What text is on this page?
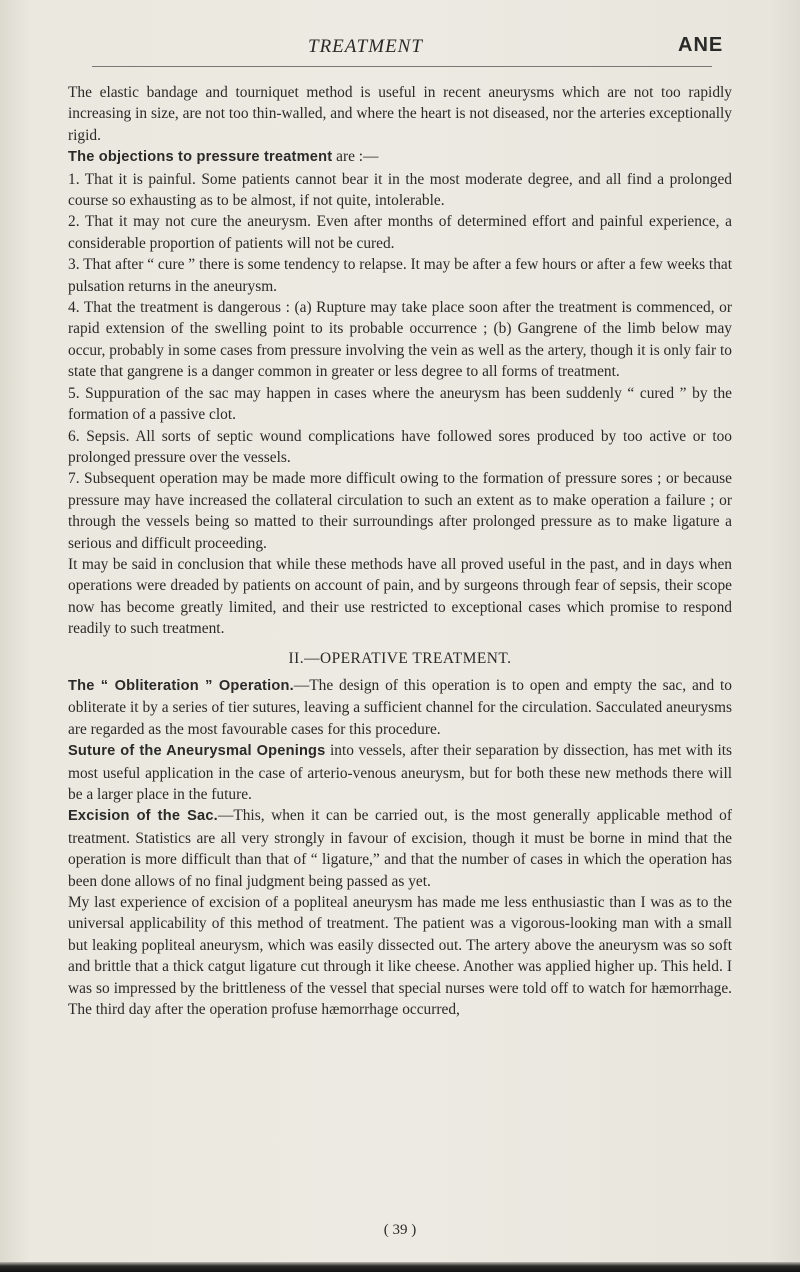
TREATMENT	ANE

The elastic bandage and tourniquet method is useful in recent aneurysms which are not too rapidly increasing in size, are not too thin-walled, and where the heart is not diseased, nor the arteries exceptionally rigid.

The objections to pressure treatment are :—

1. That it is painful. Some patients cannot bear it in the most moderate degree, and all find a prolonged course so exhausting as to be almost, if not quite, intolerable.

2. That it may not cure the aneurysm. Even after months of determined effort and painful experience, a considerable proportion of patients will not be cured.

3. That after “ cure ” there is some tendency to relapse. It may be after a few hours or after a few weeks that pulsation returns in the aneurysm.

4. That the treatment is dangerous : (a) Rupture may take place soon after the treatment is commenced, or rapid extension of the swelling point to its probable occurrence ; (b) Gangrene of the limb below may occur, probably in some cases from pressure involving the vein as well as the artery, though it is only fair to state that gangrene is a danger common in greater or less degree to all forms of treatment.

5. Suppuration of the sac may happen in cases where the aneurysm has been suddenly “ cured ” by the formation of a passive clot.

6. Sepsis. All sorts of septic wound complications have followed sores produced by too active or too prolonged pressure over the vessels.

7. Subsequent operation may be made more difficult owing to the formation of pressure sores ; or because pressure may have increased the collateral circulation to such an extent as to make operation a failure ; or through the vessels being so matted to their surroundings after prolonged pressure as to make ligature a serious and difficult proceeding.

It may be said in conclusion that while these methods have all proved useful in the past, and in days when operations were dreaded by patients on account of pain, and by surgeons through fear of sepsis, their scope now has become greatly limited, and their use restricted to exceptional cases which promise to respond readily to such treatment.

II.—OPERATIVE TREATMENT.

The “ Obliteration ” Operation.—The design of this operation is to open and empty the sac, and to obliterate it by a series of tier sutures, leaving a sufficient channel for the circulation. Sacculated aneurysms are regarded as the most favourable cases for this procedure.

Suture of the Aneurysmal Openings into vessels, after their separation by dissection, has met with its most useful application in the case of arterio-venous aneurysm, but for both these new methods there will be a larger place in the future.

Excision of the Sac.—This, when it can be carried out, is the most generally applicable method of treatment. Statistics are all very strongly in favour of excision, though it must be borne in mind that the operation is more difficult than that of “ ligature,” and that the number of cases in which the operation has been done allows of no final judgment being passed as yet.

My last experience of excision of a popliteal aneurysm has made me less enthusiastic than I was as to the universal applicability of this method of treatment. The patient was a vigorous-looking man with a small but leaking popliteal aneurysm, which was easily dissected out. The artery above the aneurysm was so soft and brittle that a thick catgut ligature cut through it like cheese. Another was applied higher up. This held. I was so impressed by the brittleness of the vessel that special nurses were told off to watch for hæmorrhage. The third day after the operation profuse hæmorrhage occurred,

( 39 )
